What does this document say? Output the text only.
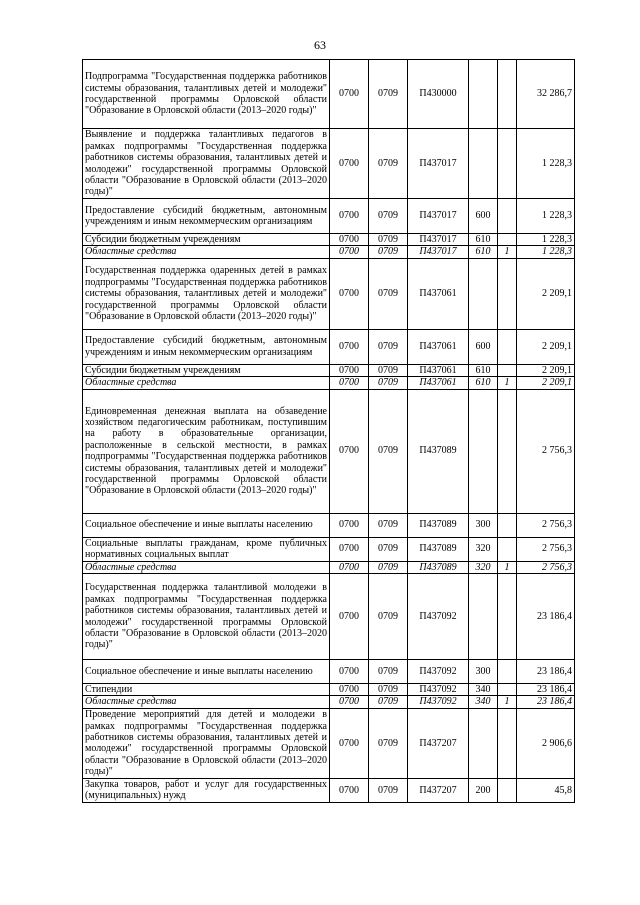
63
Подпрограмма "Государственная поддержка работников системы образования, талантливых детей и молодежи" государственной программы Орловской области "Образование в Орловской области (2013–2020 годы)"	0700	0709	П430000			32 286,7
Выявление и поддержка талантливых педагогов в рамках подпрограммы "Государственная поддержка работников системы образования, талантливых детей и молодежи" государственной программы Орловской области "Образование в Орловской области (2013–2020 годы)"	0700	0709	П437017			1 228,3
Предоставление субсидий бюджетным, автономным учреждениям и иным некоммерческим организациям	0700	0709	П437017	600		1 228,3
Субсидии бюджетным учреждениям	0700	0709	П437017	610		1 228,3
Областные средства	0700	0709	П437017	610	1	1 228,3
Государственная поддержка одаренных детей в рамках подпрограммы "Государственная поддержка работников системы образования, талантливых детей и молодежи" государственной программы Орловской области "Образование в Орловской области (2013–2020 годы)"	0700	0709	П437061			2 209,1
Предоставление субсидий бюджетным, автономным учреждениям и иным некоммерческим организациям	0700	0709	П437061	600		2 209,1
Субсидии бюджетным учреждениям	0700	0709	П437061	610		2 209,1
Областные средства	0700	0709	П437061	610	1	2 209,1
Единовременная денежная выплата на обзаведение хозяйством педагогическим работникам, поступившим на работу в образовательные организации, расположенные в сельской местности, в рамках подпрограммы "Государственная поддержка работников системы образования, талантливых детей и молодежи" государственной программы Орловской области "Образование в Орловской области (2013–2020 годы)"	0700	0709	П437089			2 756,3
Социальное обеспечение и иные выплаты населению	0700	0709	П437089	300		2 756,3
Социальные выплаты гражданам, кроме публичных нормативных социальных выплат	0700	0709	П437089	320		2 756,3
Областные средства	0700	0709	П437089	320	1	2 756,3
Государственная поддержка талантливой молодежи в рамках подпрограммы "Государственная поддержка работников системы образования, талантливых детей и молодежи" государственной программы Орловской области "Образование в Орловской области (2013–2020 годы)"	0700	0709	П437092			23 186,4
Социальное обеспечение и иные выплаты населению	0700	0709	П437092	300		23 186,4
Стипендии	0700	0709	П437092	340		23 186,4
Областные средства	0700	0709	П437092	340	1	23 186,4
Проведение мероприятий для детей и молодежи в рамках подпрограммы "Государственная поддержка работников системы образования, талантливых детей и молодежи" государственной программы Орловской области "Образование в Орловской области (2013–2020 годы)"	0700	0709	П437207			2 906,6
Закупка товаров, работ и услуг для государственных (муниципальных) нужд	0700	0709	П437207	200		45,8
